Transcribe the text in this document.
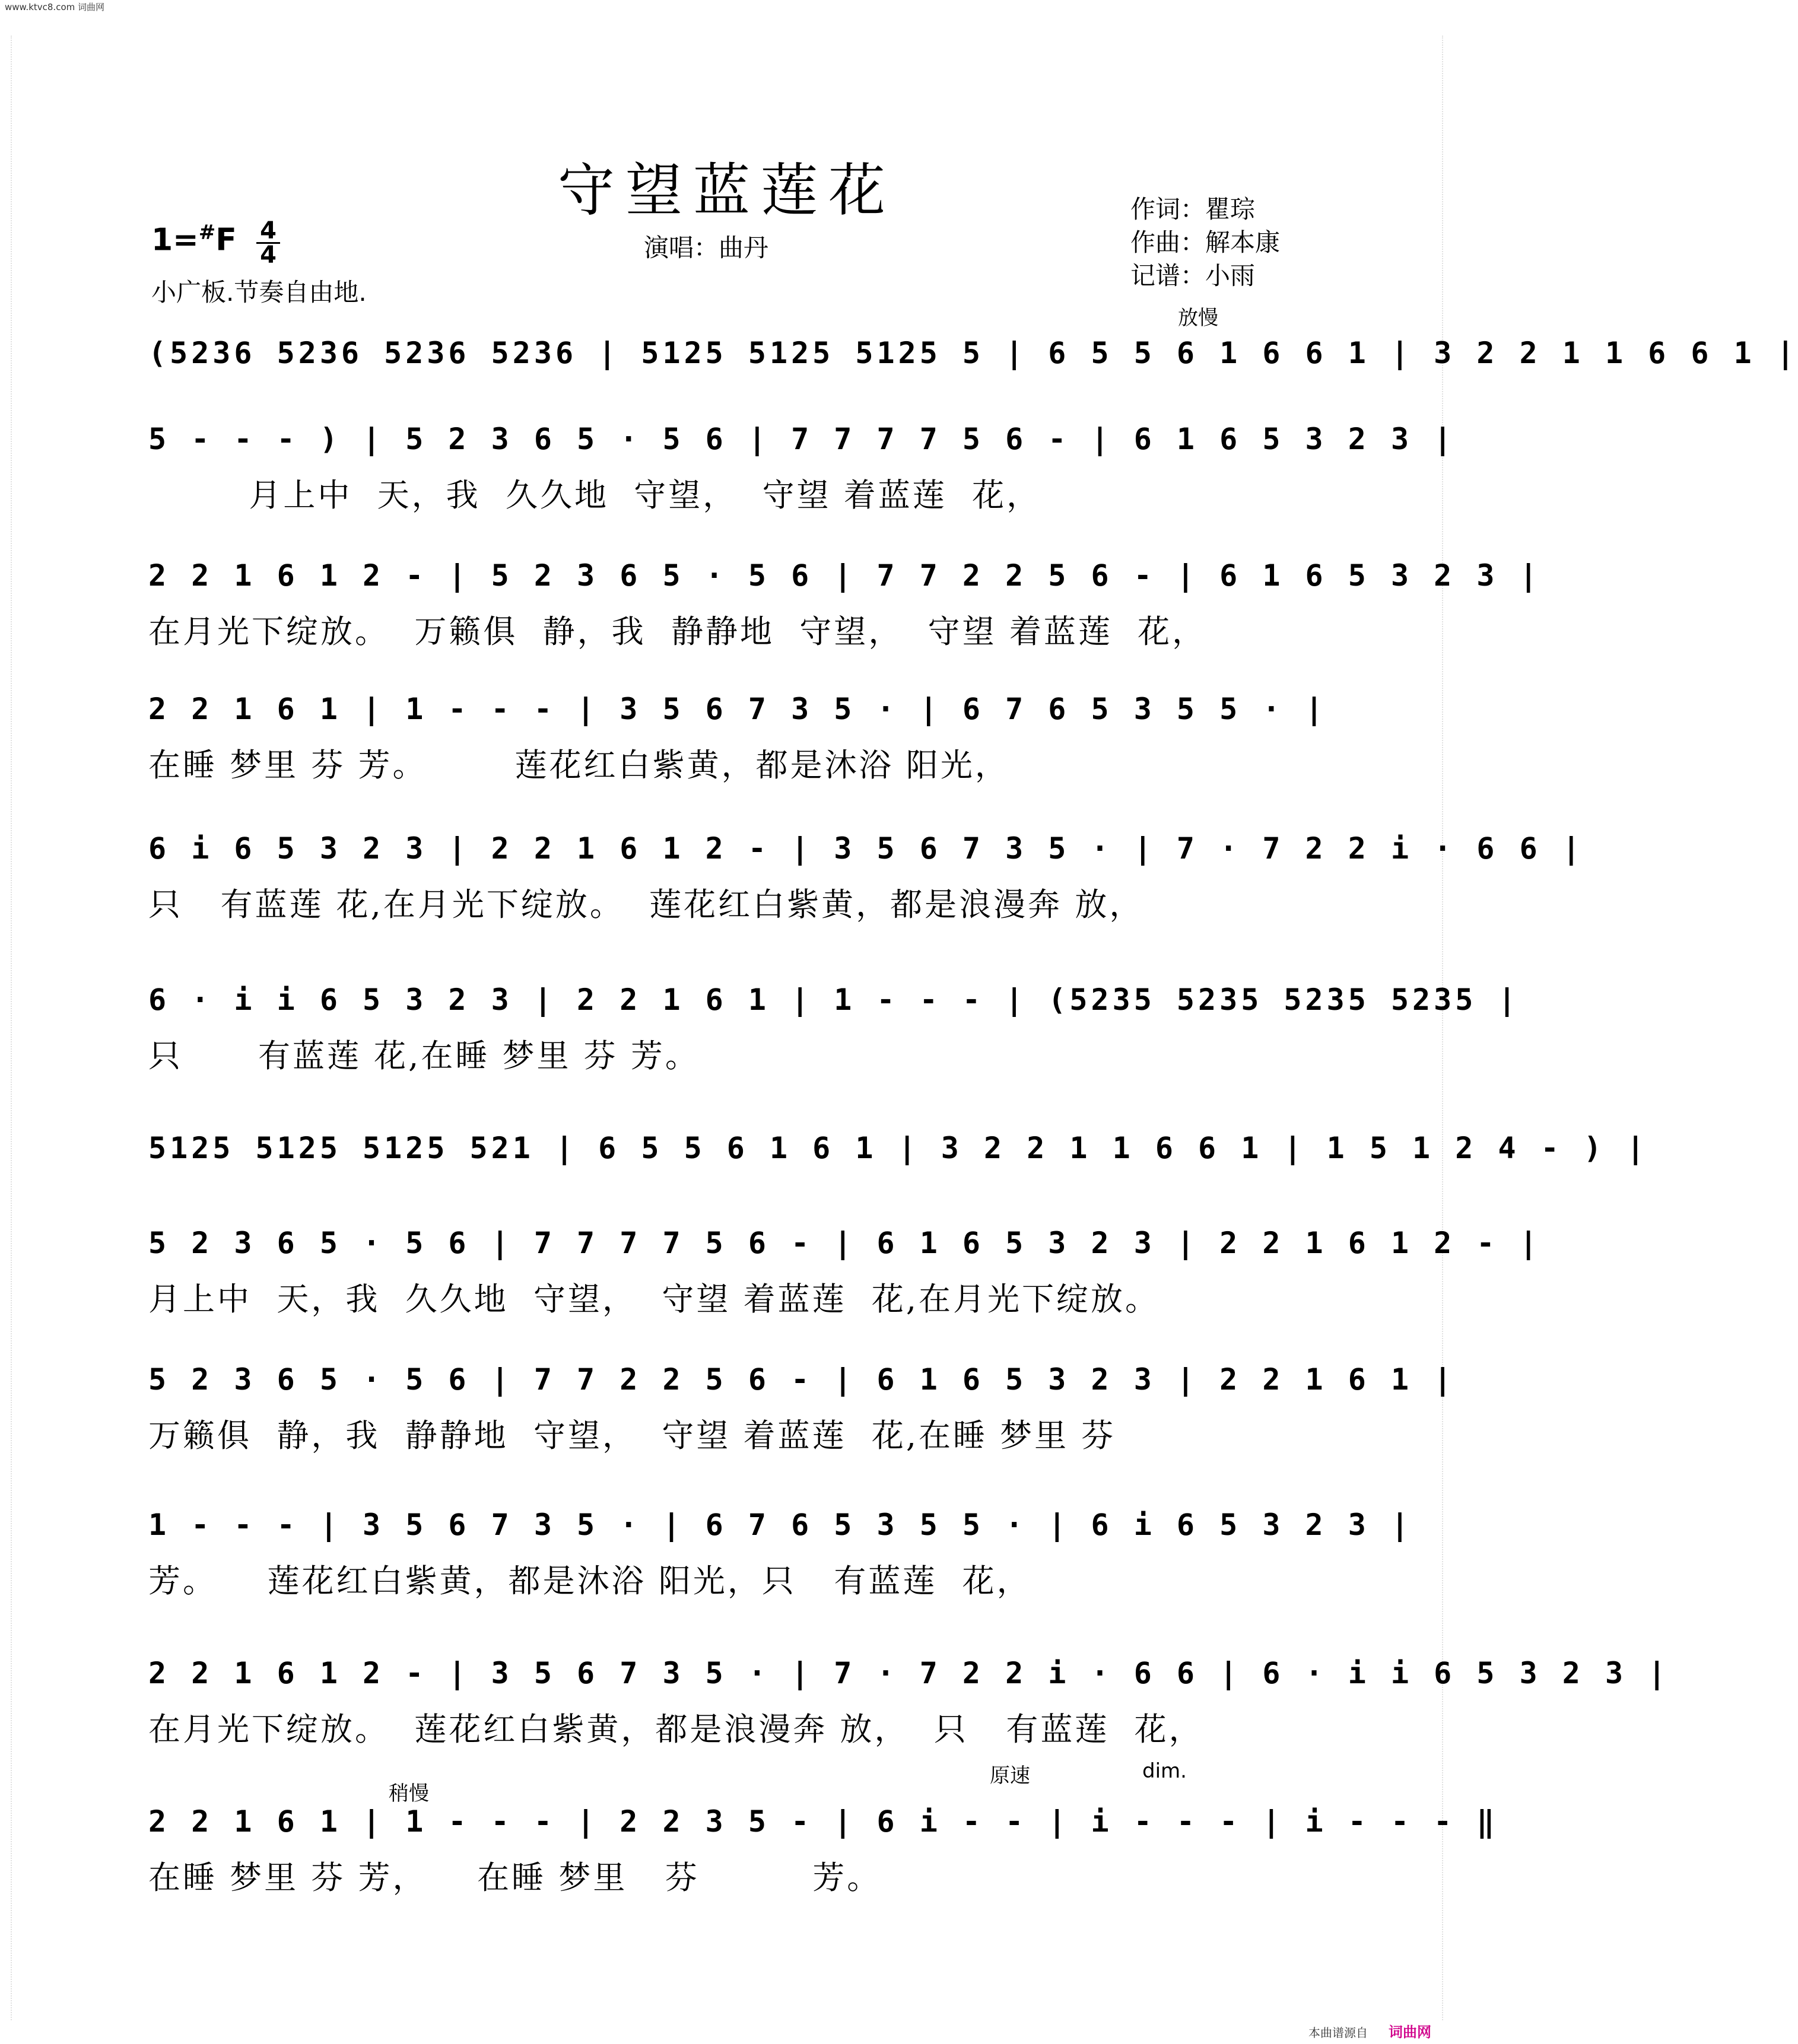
www.ktvc8.com 词曲网
守望蓝莲花	作词：瞿琮
作曲：解本康
记谱：小雨
1=#F 4
4	演唱：曲丹
小广板.节奏自由地.
放慢
稍慢
原速	dim.
(5236 5236 5236 5236 | 5125 5125 5125 5 | 6 5 5 6 1 6 6 1 | 3 2 2 1 1 6 6 1 |
5 - - - ) | 5 2 3 6 5 · 5 6 | 7 7 7 7 5 6 - | 6 1 6 5 3 2 3 |
月上中  天，我  久久地  守望，  守望 着蓝莲  花，
2 2 1 6 1 2 - | 5 2 3 6 5 · 5 6 | 7 7 2 2 5 6 - | 6 1 6 5 3 2 3 |
在月光下绽放。  万籁俱  静，我  静静地  守望，  守望 着蓝莲  花，
2 2 1 6 1 | 1 - - - | 3 5 6 7 3 5 · | 6 7 6 5 3 5 5 · |
在睡 梦里 芬 芳。       莲花红白紫黄，都是沐浴 阳光，
6 i 6 5 3 2 3 | 2 2 1 6 1 2 - | 3 5 6 7 3 5 · | 7 · 7 2 2 i · 6 6 |
只   有蓝莲 花,在月光下绽放。  莲花红白紫黄，都是浪漫奔 放，
6 · i i 6 5 3 2 3 | 2 2 1 6 1 | 1 - - - | (5235 5235 5235 5235 |
只      有蓝莲 花,在睡 梦里 芬 芳。
5125 5125 5125 521 | 6 5 5 6 1 6 1 | 3 2 2 1 1 6 6 1 | 1 5 1 2 4 - ) |
5 2 3 6 5 · 5 6 | 7 7 7 7 5 6 - | 6 1 6 5 3 2 3 | 2 2 1 6 1 2 - |
月上中  天，我  久久地  守望，  守望 着蓝莲  花,在月光下绽放。
5 2 3 6 5 · 5 6 | 7 7 2 2 5 6 - | 6 1 6 5 3 2 3 | 2 2 1 6 1 |
万籁俱  静，我  静静地  守望，  守望 着蓝莲  花,在睡 梦里 芬
1 - - - | 3 5 6 7 3 5 · | 6 7 6 5 3 5 5 · | 6 i 6 5 3 2 3 |
芳。    莲花红白紫黄，都是沐浴 阳光，只   有蓝莲  花，
2 2 1 6 1 2 - | 3 5 6 7 3 5 · | 7 · 7 2 2 i · 6 6 | 6 · i i 6 5 3 2 3 |
在月光下绽放。  莲花红白紫黄，都是浪漫奔 放，  只   有蓝莲  花，
2 2 1 6 1 | 1 - - - | 2 2 3 5 - | 6 i - - | i - - - | i - - - ‖
在睡 梦里 芬 芳，    在睡 梦里   芬         芳。
本曲谱源自 词曲网
